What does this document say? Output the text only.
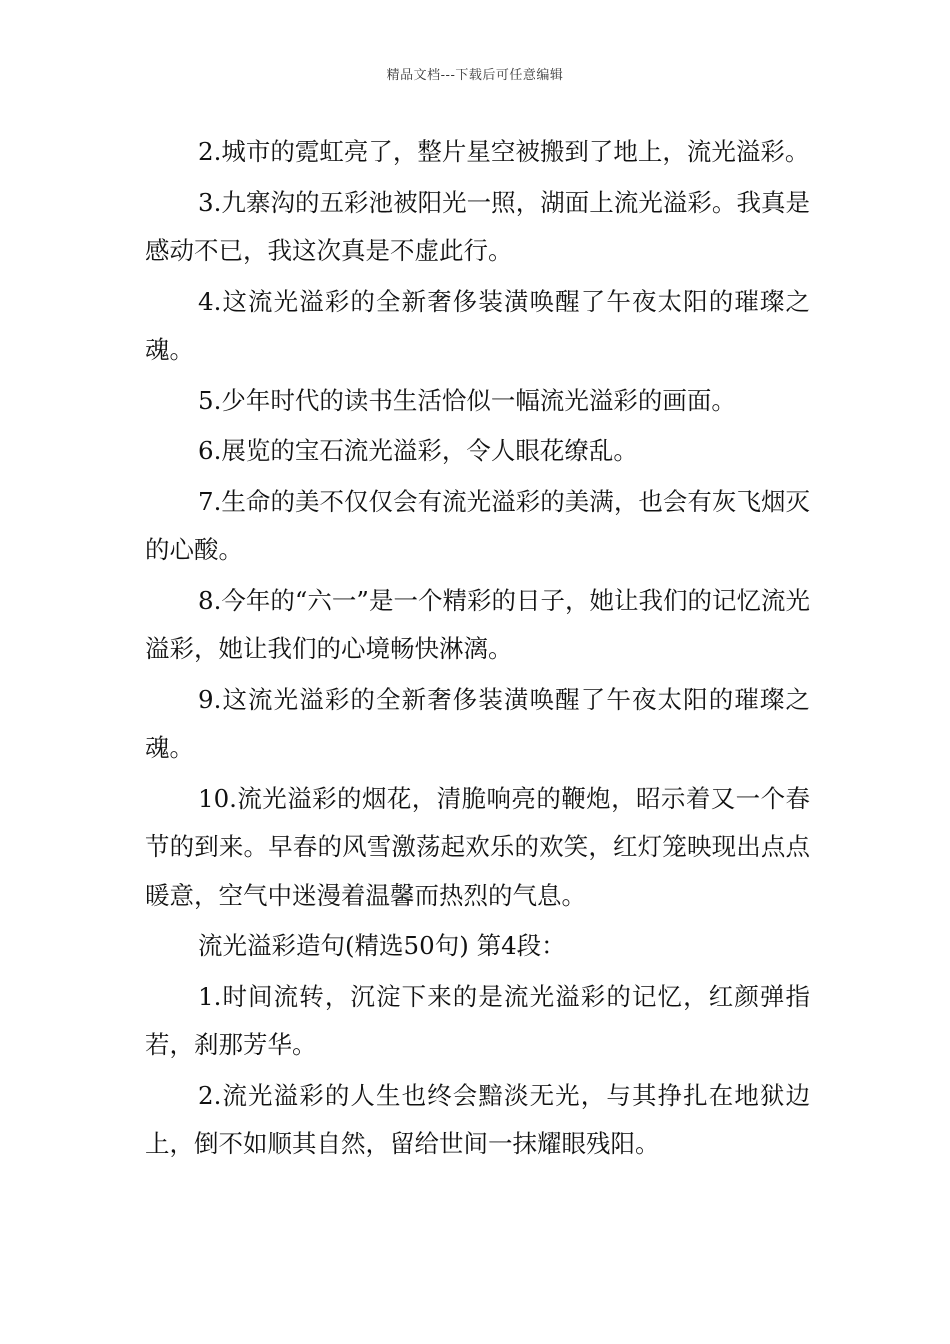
精品文档---下载后可任意编辑

2.城市的霓虹亮了，整片星空被搬到了地上，流光溢彩。

3.九寨沟的五彩池被阳光一照，湖面上流光溢彩。我真是感动不已，我这次真是不虚此行。

4.这流光溢彩的全新奢侈装潢唤醒了午夜太阳的璀璨之魂。

5.少年时代的读书生活恰似一幅流光溢彩的画面。

6.展览的宝石流光溢彩，令人眼花缭乱。

7.生命的美不仅仅会有流光溢彩的美满，也会有灰飞烟灭的心酸。

8.今年的“六一”是一个精彩的日子，她让我们的记忆流光溢彩，她让我们的心境畅快淋漓。

9.这流光溢彩的全新奢侈装潢唤醒了午夜太阳的璀璨之魂。

10.流光溢彩的烟花，清脆响亮的鞭炮，昭示着又一个春节的到来。早春的风雪激荡起欢乐的欢笑，红灯笼映现出点点暖意，空气中迷漫着温馨而热烈的气息。

流光溢彩造句(精选50句) 第4段：

1.时间流转，沉淀下来的是流光溢彩的记忆，红颜弹指若，刹那芳华。

2.流光溢彩的人生也终会黯淡无光，与其挣扎在地狱边上，倒不如顺其自然，留给世间一抹耀眼残阳。
